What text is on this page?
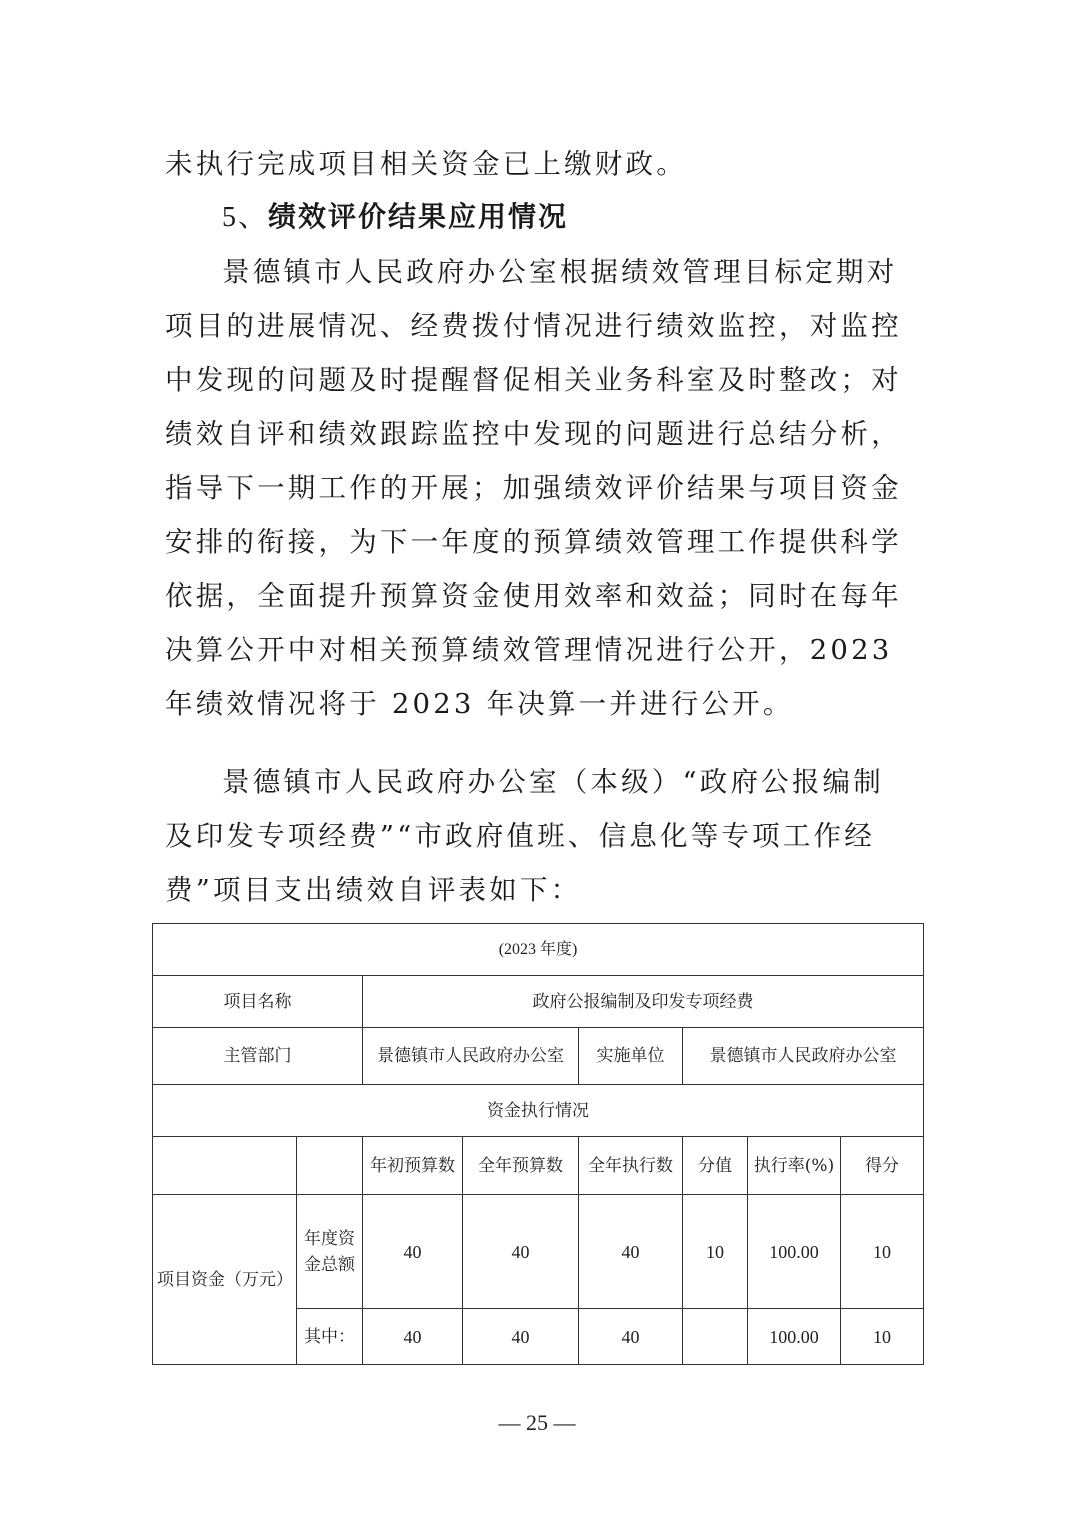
未执行完成项目相关资金已上缴财政。

5、绩效评价结果应用情况

景德镇市人民政府办公室根据绩效管理目标定期对项目的进展情况、经费拨付情况进行绩效监控，对监控中发现的问题及时提醒督促相关业务科室及时整改；对绩效自评和绩效跟踪监控中发现的问题进行总结分析，指导下一期工作的开展；加强绩效评价结果与项目资金安排的衔接，为下一年度的预算绩效管理工作提供科学依据，全面提升预算资金使用效率和效益；同时在每年决算公开中对相关预算绩效管理情况进行公开，2023 年绩效情况将于 2023 年决算一并进行公开。

景德镇市人民政府办公室（本级）“政府公报编制及印发专项经费”“市政府值班、信息化等专项工作经费”项目支出绩效自评表如下：

(2023 年度)							
项目名称		政府公报编制及印发专项经费					
主管部门		景德镇市人民政府办公室		实施单位	景德镇市人民政府办公室		
资金执行情况							
		年初预算数	全年预算数	全年执行数	分值	执行率(%)	得分
项目资金（万元）	年度资金总额	40	40	40	10	100.00	10
	其中：	40	40	40		100.00	10
— 25 —
